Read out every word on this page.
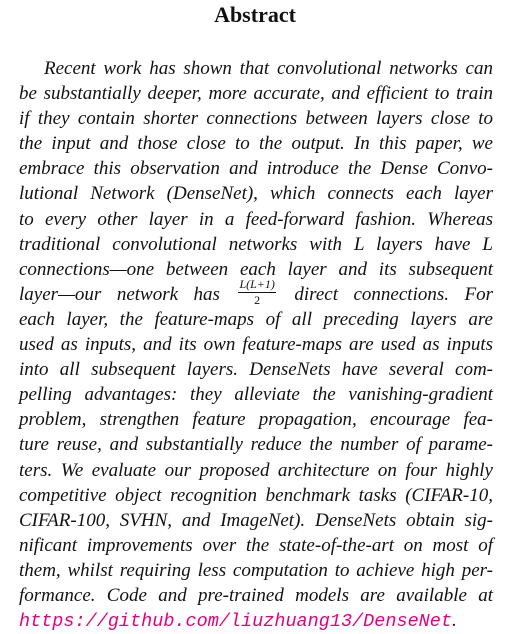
Abstract
Recent work has shown that convolutional networks can
be substantially deeper, more accurate, and efficient to train
if they contain shorter connections between layers close to
the input and those close to the output. In this paper, we
embrace this observation and introduce the Dense Convo-
lutional Network (DenseNet), which connects each layer
to every other layer in a feed-forward fashion. Whereas
traditional convolutional networks with L layers have L
connections—one between each layer and its subsequent
layer—our network has $\frac{L(L+1)}{2}$ direct connections. For
each layer, the feature-maps of all preceding layers are
used as inputs, and its own feature-maps are used as inputs
into all subsequent layers. DenseNets have several com-
pelling advantages: they alleviate the vanishing-gradient
problem, strengthen feature propagation, encourage fea-
ture reuse, and substantially reduce the number of parame-
ters. We evaluate our proposed architecture on four highly
competitive object recognition benchmark tasks (CIFAR-10,
CIFAR-100, SVHN, and ImageNet). DenseNets obtain sig-
nificant improvements over the state-of-the-art on most of
them, whilst requiring less computation to achieve high per-
formance. Code and pre-trained models are available at
https://github.com/liuzhuang13/DenseNet.
